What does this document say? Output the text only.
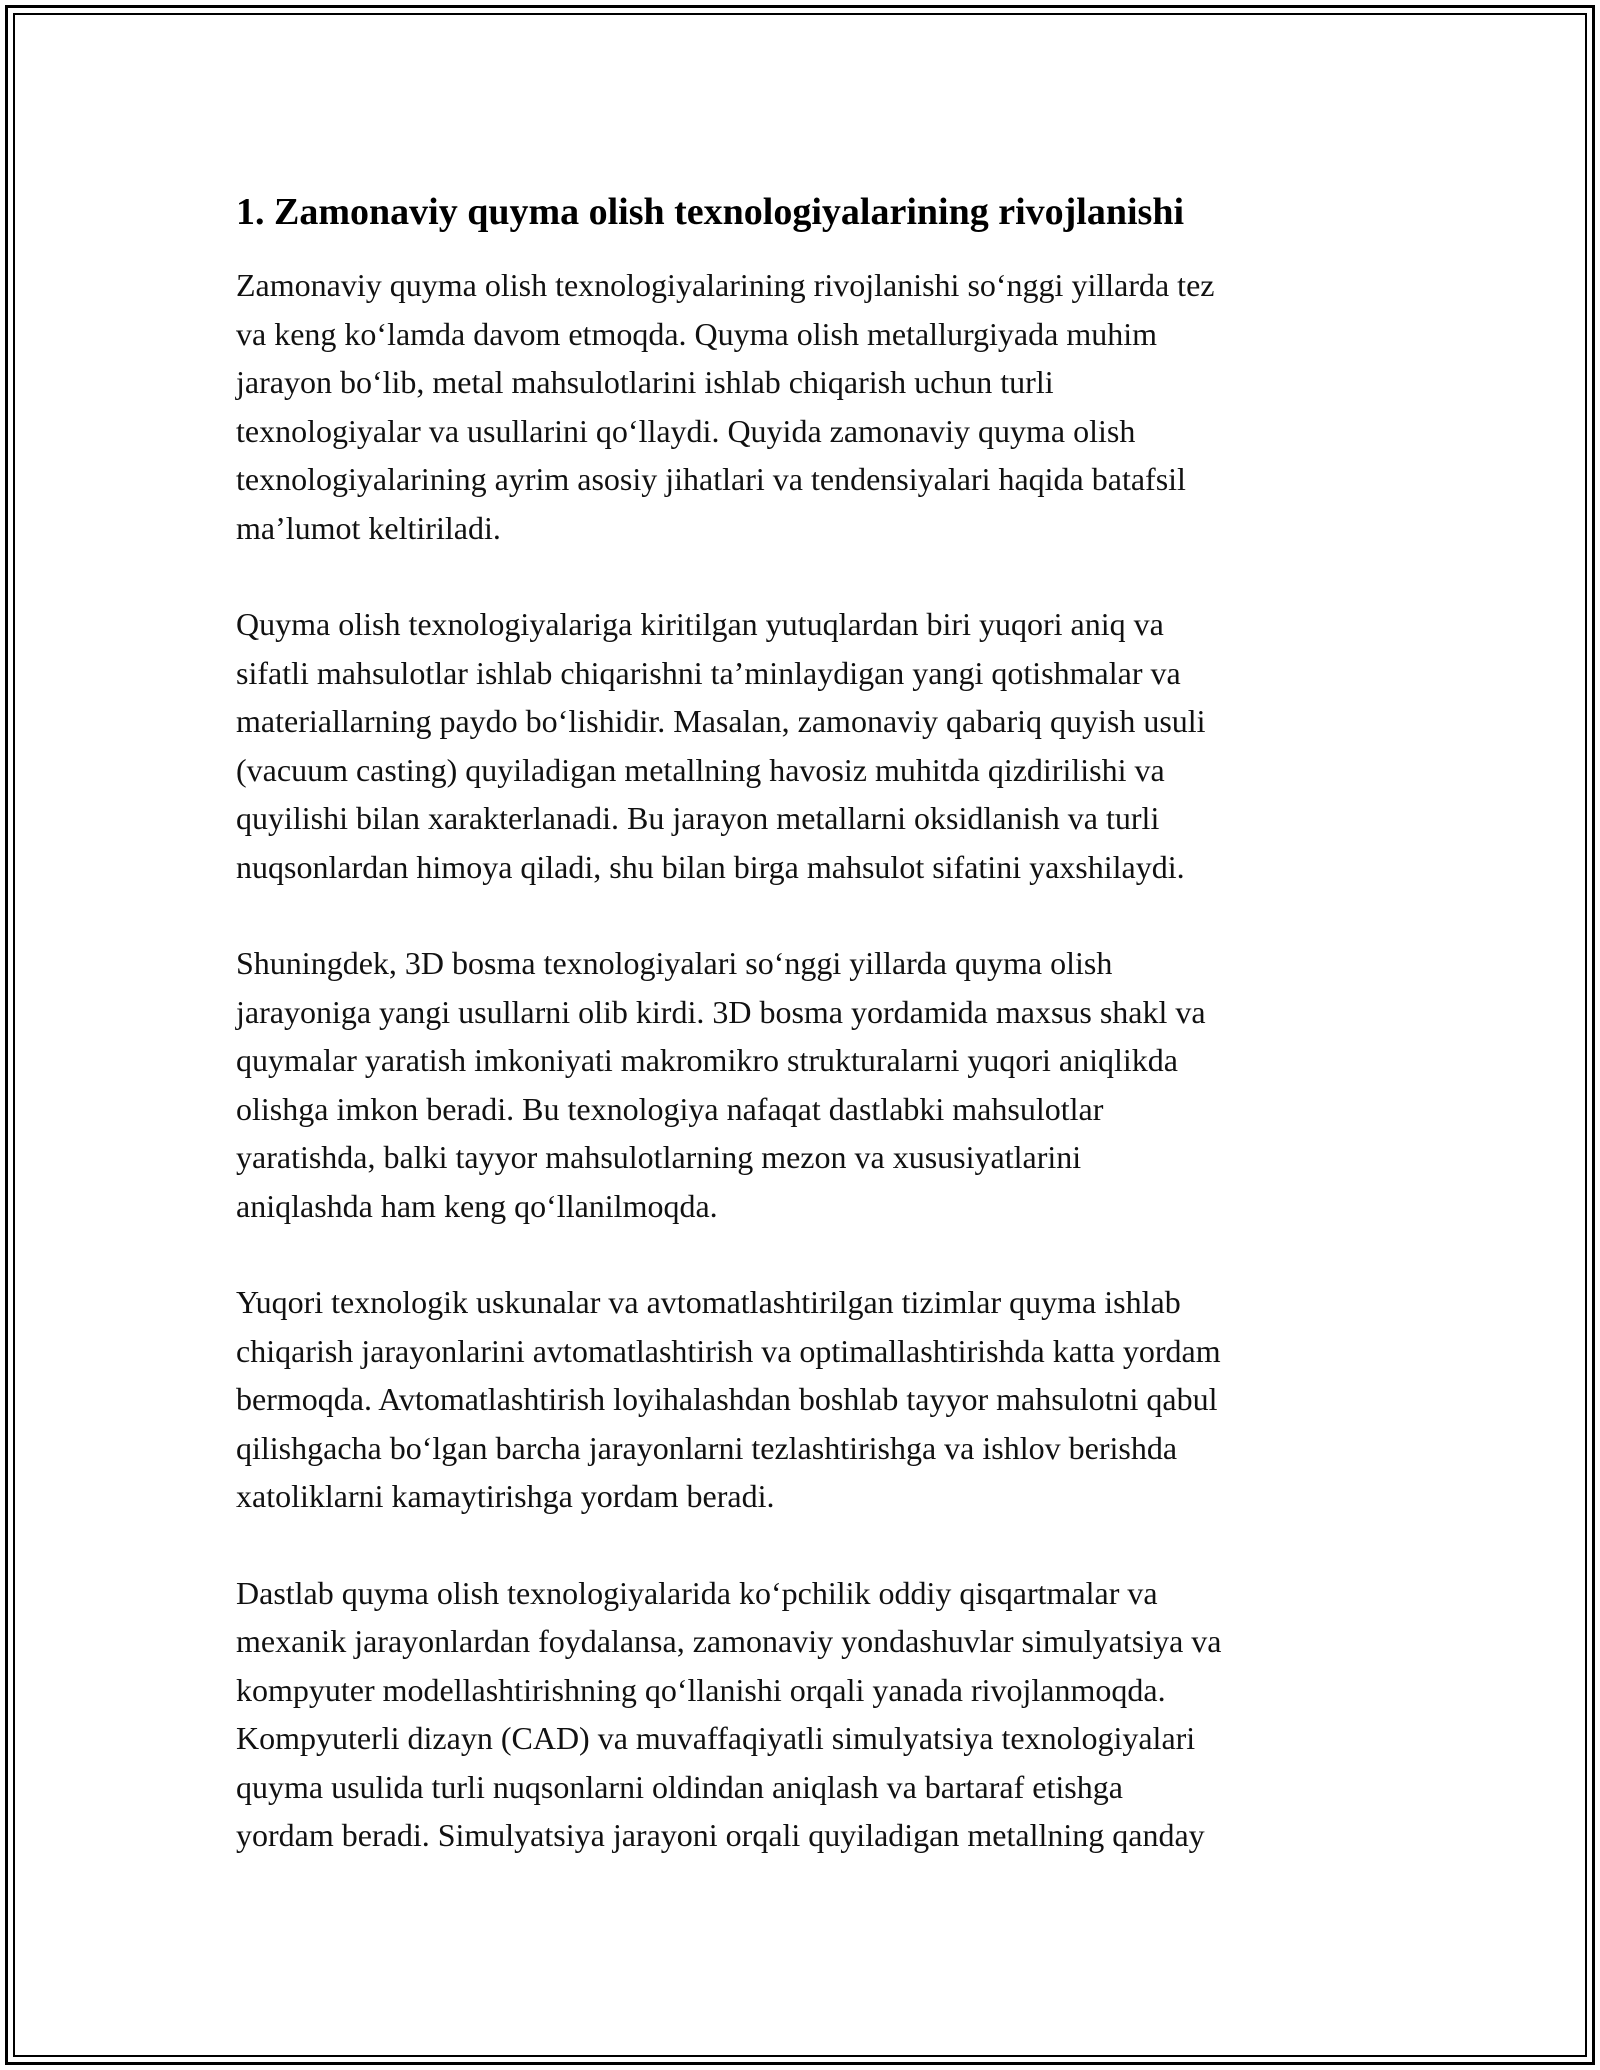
1. Zamonaviy quyma olish texnologiyalarining rivojlanishi

Zamonaviy quyma olish texnologiyalarining rivojlanishi so‘nggi yillarda tez
va keng ko‘lamda davom etmoqda. Quyma olish metallurgiyada muhim
jarayon bo‘lib, metal mahsulotlarini ishlab chiqarish uchun turli
texnologiyalar va usullarini qo‘llaydi. Quyida zamonaviy quyma olish
texnologiyalarining ayrim asosiy jihatlari va tendensiyalari haqida batafsil
ma’lumot keltiriladi.

Quyma olish texnologiyalariga kiritilgan yutuqlardan biri yuqori aniq va
sifatli mahsulotlar ishlab chiqarishni ta’minlaydigan yangi qotishmalar va
materiallarning paydo bo‘lishidir. Masalan, zamonaviy qabariq quyish usuli
(vacuum casting) quyiladigan metallning havosiz muhitda qizdirilishi va
quyilishi bilan xarakterlanadi. Bu jarayon metallarni oksidlanish va turli
nuqsonlardan himoya qiladi, shu bilan birga mahsulot sifatini yaxshilaydi.

Shuningdek, 3D bosma texnologiyalari so‘nggi yillarda quyma olish
jarayoniga yangi usullarni olib kirdi. 3D bosma yordamida maxsus shakl va
quymalar yaratish imkoniyati makromikro strukturalarni yuqori aniqlikda
olishga imkon beradi. Bu texnologiya nafaqat dastlabki mahsulotlar
yaratishda, balki tayyor mahsulotlarning mezon va xususiyatlarini
aniqlashda ham keng qo‘llanilmoqda.

Yuqori texnologik uskunalar va avtomatlashtirilgan tizimlar quyma ishlab
chiqarish jarayonlarini avtomatlashtirish va optimallashtirishda katta yordam
bermoqda. Avtomatlashtirish loyihalashdan boshlab tayyor mahsulotni qabul
qilishgacha bo‘lgan barcha jarayonlarni tezlashtirishga va ishlov berishda
xatoliklarni kamaytirishga yordam beradi.

Dastlab quyma olish texnologiyalarida ko‘pchilik oddiy qisqartmalar va
mexanik jarayonlardan foydalansa, zamonaviy yondashuvlar simulyatsiya va
kompyuter modellashtirishning qo‘llanishi orqali yanada rivojlanmoqda.
Kompyuterli dizayn (CAD) va muvaffaqiyatli simulyatsiya texnologiyalari
quyma usulida turli nuqsonlarni oldindan aniqlash va bartaraf etishga
yordam beradi. Simulyatsiya jarayoni orqali quyiladigan metallning qanday
